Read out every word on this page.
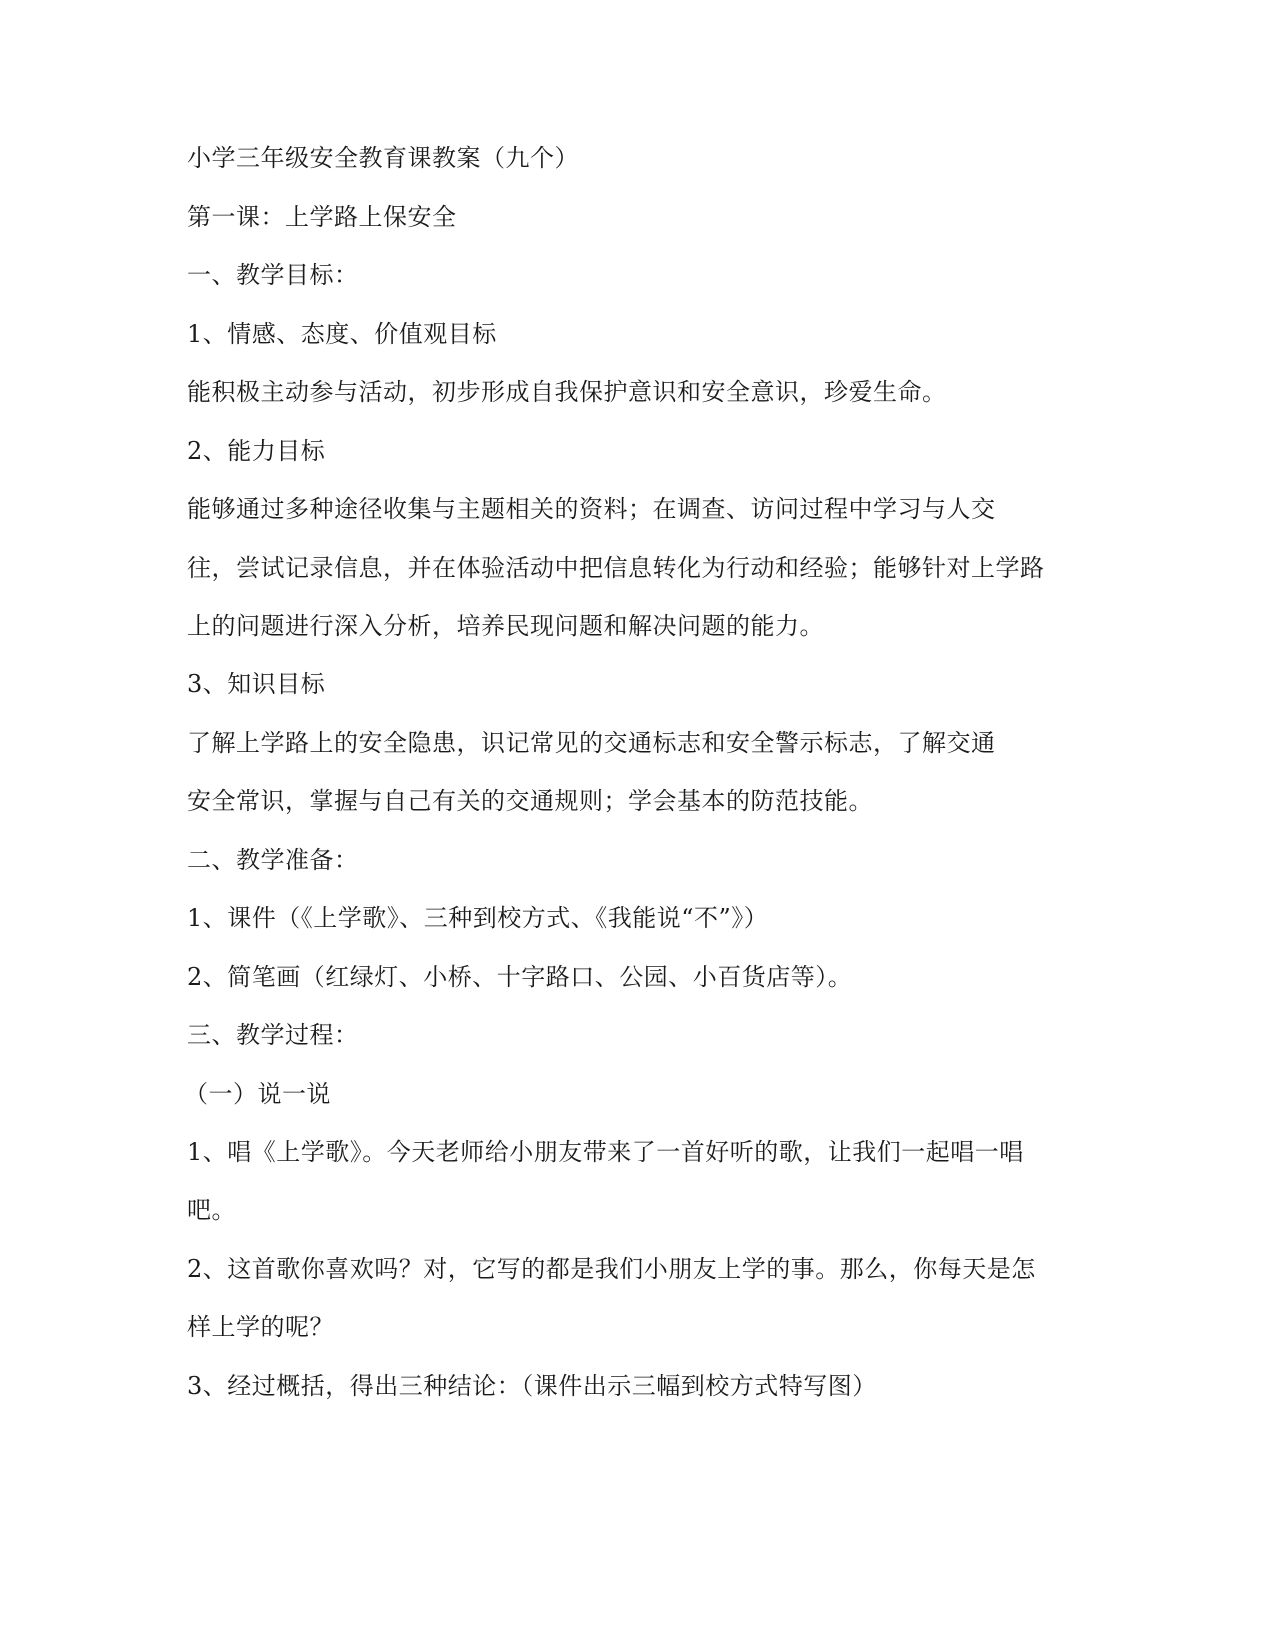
小学三年级安全教育课教案（九个）

第一课：上学路上保安全

一、教学目标：

1、情感、态度、价值观目标

能积极主动参与活动，初步形成自我保护意识和安全意识，珍爱生命。

2、能力目标

能够通过多种途径收集与主题相关的资料；在调查、访问过程中学习与人交

往，尝试记录信息，并在体验活动中把信息转化为行动和经验；能够针对上学路

上的问题进行深入分析，培养民现问题和解决问题的能力。

3、知识目标

了解上学路上的安全隐患，识记常见的交通标志和安全警示标志，了解交通

安全常识，掌握与自己有关的交通规则；学会基本的防范技能。

二、教学准备：

1、课件（《上学歌》、三种到校方式、《我能说“不”》）

2、简笔画（红绿灯、小桥、十字路口、公园、小百货店等）。

三、教学过程：

（一）说一说

1、唱《上学歌》。今天老师给小朋友带来了一首好听的歌，让我们一起唱一唱

吧。

2、这首歌你喜欢吗？对，它写的都是我们小朋友上学的事。那么，你每天是怎

样上学的呢？

3、经过概括，得出三种结论：（课件出示三幅到校方式特写图）
